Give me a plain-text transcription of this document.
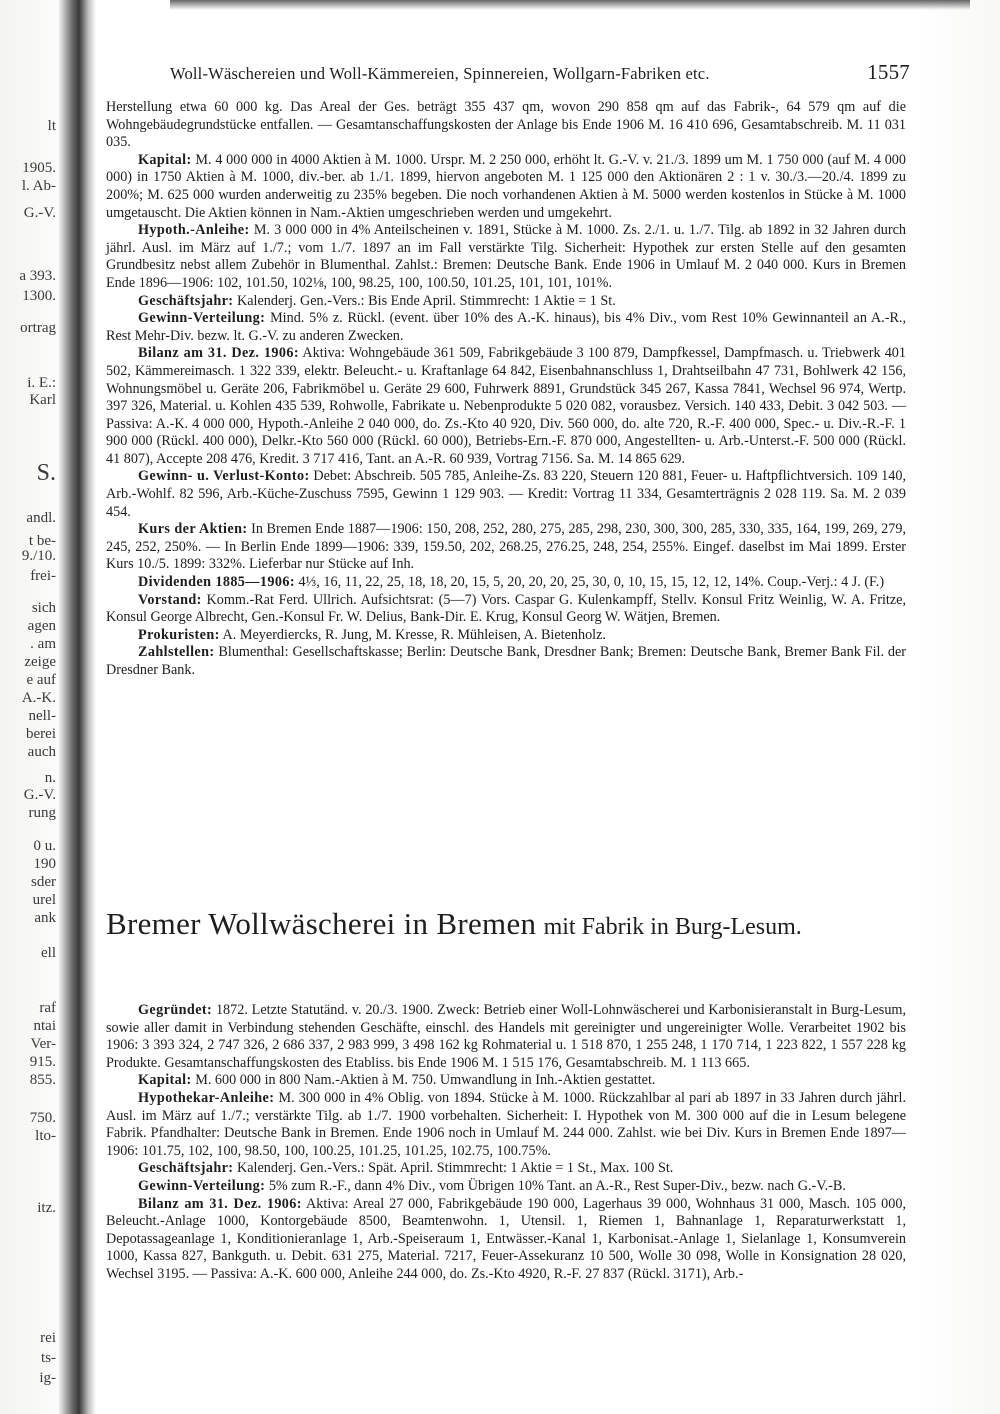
lt
1905.
l. Ab-
G.-V.
a 393.
1300.
ortrag
i. E.:
Karl
S.
andl.
t be-
9./10.
frei-
sich
agen
. am
zeige
e auf
A.-K.
nell-
berei
auch
n.
G.-V.
rung
0 u.
190
sder
urel
ank
ell
raf
ntai
Ver-
915.
855.
750.
lto-
itz.
rei
ts-
ig-
Woll-Wäschereien und Woll-Kämmereien, Spinnereien, Wollgarn-Fabriken etc.	1557

Herstellung etwa 60 000 kg. Das Areal der Ges. beträgt 355 437 qm, wovon 290 858 qm auf das Fabrik-, 64 579 qm auf die Wohngebäudegrundstücke entfallen. — Gesamtanschaffungskosten der Anlage bis Ende 1906 M. 16 410 696, Gesamtabschreib. M. 11 031 035.

Kapital: M. 4 000 000 in 4000 Aktien à M. 1000. Urspr. M. 2 250 000, erhöht lt. G.-V. v. 21./3. 1899 um M. 1 750 000 (auf M. 4 000 000) in 1750 Aktien à M. 1000, div.-ber. ab 1./1. 1899, hiervon angeboten M. 1 125 000 den Aktionären 2 : 1 v. 30./3.—20./4. 1899 zu 200%; M. 625 000 wurden anderweitig zu 235% begeben. Die noch vorhandenen Aktien à M. 5000 werden kostenlos in Stücke à M. 1000 umgetauscht. Die Aktien können in Nam.-Aktien umgeschrieben werden und umgekehrt.

Hypoth.-Anleihe: M. 3 000 000 in 4% Anteilscheinen v. 1891, Stücke à M. 1000. Zs. 2./1. u. 1./7. Tilg. ab 1892 in 32 Jahren durch jährl. Ausl. im März auf 1./7.; vom 1./7. 1897 an im Fall verstärkte Tilg. Sicherheit: Hypothek zur ersten Stelle auf den gesamten Grundbesitz nebst allem Zubehör in Blumenthal. Zahlst.: Bremen: Deutsche Bank. Ende 1906 in Umlauf M. 2 040 000. Kurs in Bremen Ende 1896—1906: 102, 101.50, 102⅛, 100, 98.25, 100, 100.50, 101.25, 101, 101, 101%.

Geschäftsjahr: Kalenderj. Gen.-Vers.: Bis Ende April. Stimmrecht: 1 Aktie = 1 St.

Gewinn-Verteilung: Mind. 5% z. Rückl. (event. über 10% des A.-K. hinaus), bis 4% Div., vom Rest 10% Gewinnanteil an A.-R., Rest Mehr-Div. bezw. lt. G.-V. zu anderen Zwecken.

Bilanz am 31. Dez. 1906: Aktiva: Wohngebäude 361 509, Fabrikgebäude 3 100 879, Dampfkessel, Dampfmasch. u. Triebwerk 401 502, Kämmereimasch. 1 322 339, elektr. Beleucht.- u. Kraftanlage 64 842, Eisenbahnanschluss 1, Drahtseilbahn 47 731, Bohlwerk 42 156, Wohnungsmöbel u. Geräte 206, Fabrikmöbel u. Geräte 29 600, Fuhrwerk 8891, Grundstück 345 267, Kassa 7841, Wechsel 96 974, Wertp. 397 326, Material. u. Kohlen 435 539, Rohwolle, Fabrikate u. Nebenprodukte 5 020 082, vorausbez. Versich. 140 433, Debit. 3 042 503. — Passiva: A.-K. 4 000 000, Hypoth.-Anleihe 2 040 000, do. Zs.-Kto 40 920, Div. 560 000, do. alte 720, R.-F. 400 000, Spec.- u. Div.-R.-F. 1 900 000 (Rückl. 400 000), Delkr.-Kto 560 000 (Rückl. 60 000), Betriebs-Ern.-F. 870 000, Angestellten- u. Arb.-Unterst.-F. 500 000 (Rückl. 41 807), Accepte 208 476, Kredit. 3 717 416, Tant. an A.-R. 60 939, Vortrag 7156. Sa. M. 14 865 629.

Gewinn- u. Verlust-Konto: Debet: Abschreib. 505 785, Anleihe-Zs. 83 220, Steuern 120 881, Feuer- u. Haftpflichtversich. 109 140, Arb.-Wohlf. 82 596, Arb.-Küche-Zuschuss 7595, Gewinn 1 129 903. — Kredit: Vortrag 11 334, Gesamterträgnis 2 028 119. Sa. M. 2 039 454.

Kurs der Aktien: In Bremen Ende 1887—1906: 150, 208, 252, 280, 275, 285, 298, 230, 300, 300, 285, 330, 335, 164, 199, 269, 279, 245, 252, 250%. — In Berlin Ende 1899—1906: 339, 159.50, 202, 268.25, 276.25, 248, 254, 255%. Eingef. daselbst im Mai 1899. Erster Kurs 10./5. 1899: 332%. Lieferbar nur Stücke auf Inh.

Dividenden 1885—1906: 4⅓, 16, 11, 22, 25, 18, 18, 20, 15, 5, 20, 20, 20, 25, 30, 0, 10, 15, 15, 12, 12, 14%. Coup.-Verj.: 4 J. (F.)

Vorstand: Komm.-Rat Ferd. Ullrich. Aufsichtsrat: (5—7) Vors. Caspar G. Kulenkampff, Stellv. Konsul Fritz Weinlig, W. A. Fritze, Konsul George Albrecht, Gen.-Konsul Fr. W. Delius, Bank-Dir. E. Krug, Konsul Georg W. Wätjen, Bremen.

Prokuristen: A. Meyerdiercks, R. Jung, M. Kresse, R. Mühleisen, A. Bietenholz.

Zahlstellen: Blumenthal: Gesellschaftskasse; Berlin: Deutsche Bank, Dresdner Bank; Bremen: Deutsche Bank, Bremer Bank Fil. der Dresdner Bank.

Bremer Wollwäscherei in Bremen mit Fabrik in Burg-Lesum.

Gegründet: 1872. Letzte Statutänd. v. 20./3. 1900. Zweck: Betrieb einer Woll-Lohnwäscherei und Karbonisieranstalt in Burg-Lesum, sowie aller damit in Verbindung stehenden Geschäfte, einschl. des Handels mit gereinigter und ungereinigter Wolle. Verarbeitet 1902 bis 1906: 3 393 324, 2 747 326, 2 686 337, 2 983 999, 3 498 162 kg Rohmaterial u. 1 518 870, 1 255 248, 1 170 714, 1 223 822, 1 557 228 kg Produkte. Gesamtanschaffungskosten des Etabliss. bis Ende 1906 M. 1 515 176, Gesamtabschreib. M. 1 113 665.

Kapital: M. 600 000 in 800 Nam.-Aktien à M. 750. Umwandlung in Inh.-Aktien gestattet.

Hypothekar-Anleihe: M. 300 000 in 4% Oblig. von 1894. Stücke à M. 1000. Rückzahlbar al pari ab 1897 in 33 Jahren durch jährl. Ausl. im März auf 1./7.; verstärkte Tilg. ab 1./7. 1900 vorbehalten. Sicherheit: I. Hypothek von M. 300 000 auf die in Lesum belegene Fabrik. Pfandhalter: Deutsche Bank in Bremen. Ende 1906 noch in Umlauf M. 244 000. Zahlst. wie bei Div. Kurs in Bremen Ende 1897—1906: 101.75, 102, 100, 98.50, 100, 100.25, 101.25, 101.25, 102.75, 100.75%.

Geschäftsjahr: Kalenderj. Gen.-Vers.: Spät. April. Stimmrecht: 1 Aktie = 1 St., Max. 100 St.

Gewinn-Verteilung: 5% zum R.-F., dann 4% Div., vom Übrigen 10% Tant. an A.-R., Rest Super-Div., bezw. nach G.-V.-B.

Bilanz am 31. Dez. 1906: Aktiva: Areal 27 000, Fabrikgebäude 190 000, Lagerhaus 39 000, Wohnhaus 31 000, Masch. 105 000, Beleucht.-Anlage 1000, Kontorgebäude 8500, Beamtenwohn. 1, Utensil. 1, Riemen 1, Bahnanlage 1, Reparaturwerkstatt 1, Depotassageanlage 1, Konditionieranlage 1, Arb.-Speiseraum 1, Entwässer.-Kanal 1, Karbonisat.-Anlage 1, Sielanlage 1, Konsumverein 1000, Kassa 827, Bankguth. u. Debit. 631 275, Material. 7217, Feuer-Assekuranz 10 500, Wolle 30 098, Wolle in Konsignation 28 020, Wechsel 3195. — Passiva: A.-K. 600 000, Anleihe 244 000, do. Zs.-Kto 4920, R.-F. 27 837 (Rückl. 3171), Arb.-
